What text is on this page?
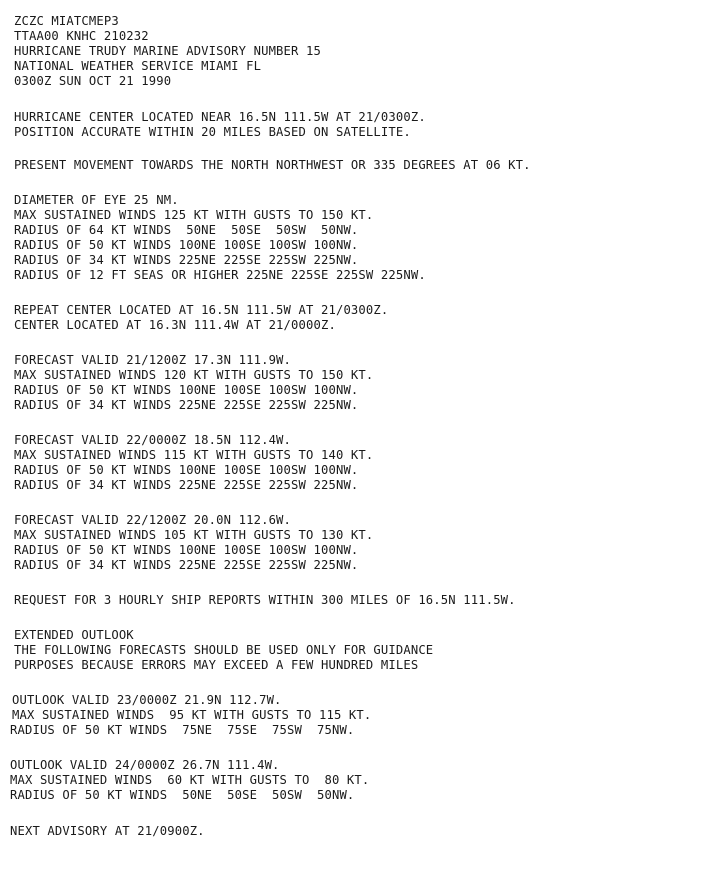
ZCZC MIATCMEP3
TTAA00 KNHC 210232
HURRICANE TRUDY MARINE ADVISORY NUMBER 15
NATIONAL WEATHER SERVICE MIAMI FL
0300Z SUN OCT 21 1990
HURRICANE CENTER LOCATED NEAR 16.5N 111.5W AT 21/0300Z.
POSITION ACCURATE WITHIN 20 MILES BASED ON SATELLITE.
PRESENT MOVEMENT TOWARDS THE NORTH NORTHWEST OR 335 DEGREES AT 06 KT.
DIAMETER OF EYE 25 NM.
MAX SUSTAINED WINDS 125 KT WITH GUSTS TO 150 KT.
RADIUS OF 64 KT WINDS  50NE  50SE  50SW  50NW.
RADIUS OF 50 KT WINDS 100NE 100SE 100SW 100NW.
RADIUS OF 34 KT WINDS 225NE 225SE 225SW 225NW.
RADIUS OF 12 FT SEAS OR HIGHER 225NE 225SE 225SW 225NW.
REPEAT CENTER LOCATED AT 16.5N 111.5W AT 21/0300Z.
CENTER LOCATED AT 16.3N 111.4W AT 21/0000Z.
FORECAST VALID 21/1200Z 17.3N 111.9W.
MAX SUSTAINED WINDS 120 KT WITH GUSTS TO 150 KT.
RADIUS OF 50 KT WINDS 100NE 100SE 100SW 100NW.
RADIUS OF 34 KT WINDS 225NE 225SE 225SW 225NW.
FORECAST VALID 22/0000Z 18.5N 112.4W.
MAX SUSTAINED WINDS 115 KT WITH GUSTS TO 140 KT.
RADIUS OF 50 KT WINDS 100NE 100SE 100SW 100NW.
RADIUS OF 34 KT WINDS 225NE 225SE 225SW 225NW.
FORECAST VALID 22/1200Z 20.0N 112.6W.
MAX SUSTAINED WINDS 105 KT WITH GUSTS TO 130 KT.
RADIUS OF 50 KT WINDS 100NE 100SE 100SW 100NW.
RADIUS OF 34 KT WINDS 225NE 225SE 225SW 225NW.
REQUEST FOR 3 HOURLY SHIP REPORTS WITHIN 300 MILES OF 16.5N 111.5W.
EXTENDED OUTLOOK
THE FOLLOWING FORECASTS SHOULD BE USED ONLY FOR GUIDANCE
PURPOSES BECAUSE ERRORS MAY EXCEED A FEW HUNDRED MILES
OUTLOOK VALID 23/0000Z 21.9N 112.7W.
MAX SUSTAINED WINDS  95 KT WITH GUSTS TO 115 KT.
RADIUS OF 50 KT WINDS  75NE  75SE  75SW  75NW.
OUTLOOK VALID 24/0000Z 26.7N 111.4W.
MAX SUSTAINED WINDS  60 KT WITH GUSTS TO  80 KT.
RADIUS OF 50 KT WINDS  50NE  50SE  50SW  50NW.
NEXT ADVISORY AT 21/0900Z.
